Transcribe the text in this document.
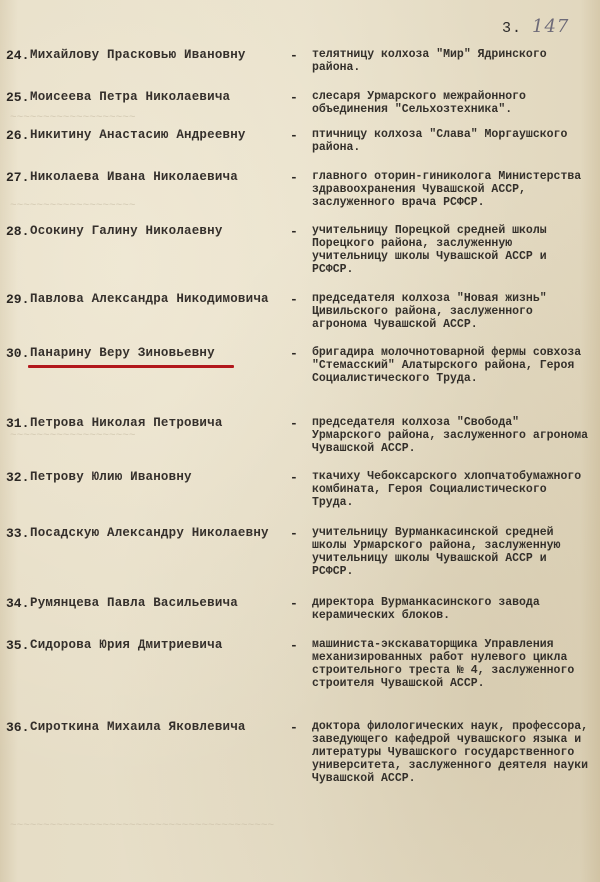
~~~~~~~~~~~~~~~~~~~
~~~~~~~~~~~~~~~~~~~
~~~~~~~~~~~~~~~~~~~
~~~~~~~~~~~~~~~~~~~~~~~~~~~~~~~~~~~~~~~~
3. 147
24. Михайлову Прасковью Ивановну	-	телятницу колхоза "Мир" Ядринского района.
25. Моисеева Петра Николаевича	-	слесаря Урмарского межрайонного объединения "Сельхозтехника".
26. Никитину Анастасию Андреевну	-	птичницу колхоза "Слава" Моргаушского района.
27. Николаева Ивана Николаевича	-	главного оторин-гиниколога Министерства здравоохранения Чувашской АССР, заслуженного врача РСФСР.
28. Осокину Галину Николаевну	-	учительницу Порецкой средней школы Порецкого района, заслуженную учительницу школы Чувашской АССР и РСФСР.
29. Павлова Александра Никодимовича	-	председателя колхоза "Новая жизнь" Цивильского района, заслуженного агронома Чувашской АССР.
30. Панарину Веру Зиновьевну	-	бригадира молочнотоварной фермы совхоза "Стемасский" Алатырского района, Героя Социалистического Труда.
31. Петрова Николая Петровича	-	председателя колхоза "Свобода" Урмарского района, заслуженного агронома Чувашской АССР.
32. Петрову Юлию Ивановну	-	ткачиху Чебоксарского хлопчатобумажного комбината, Героя Социалистического Труда.
33. Посадскую Александру Николаевну	-	учительницу Вурманкасинской средней школы Урмарского района, заслуженную учительницу школы Чувашской АССР и РСФСР.
34. Румянцева Павла Васильевича	-	директора Вурманкасинского завода керамических блоков.
35. Сидорова Юрия Дмитриевича	-	машиниста-экскаваторщика Управления механизированных работ нулевого цикла строительного треста № 4, заслуженного строителя Чувашской АССР.
36. Сироткина Михаила Яковлевича	-	доктора филологических наук, профессора, заведующего кафедрой чувашского языка и литературы Чувашского государственного университета, заслуженного деятеля науки Чувашской АССР.
